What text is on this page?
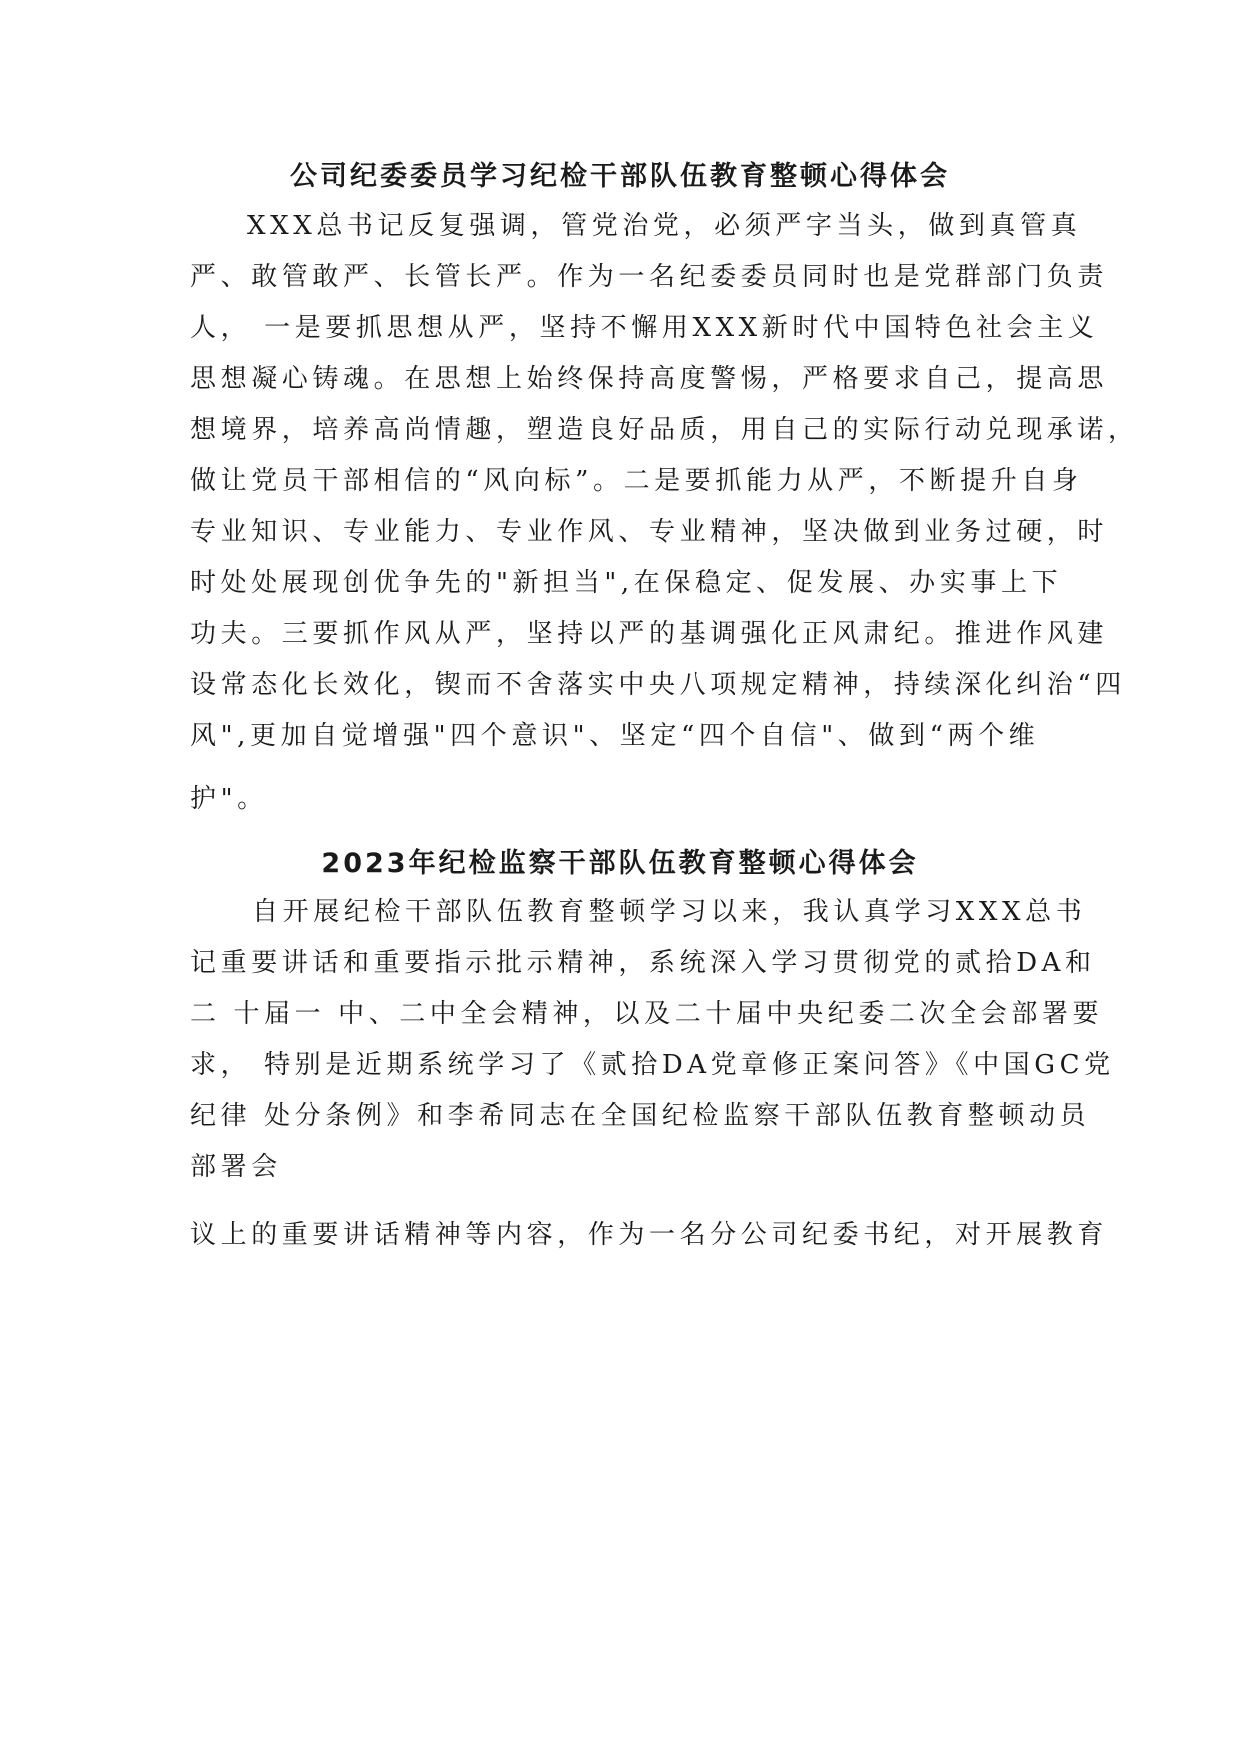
公司纪委委员学习纪检干部队伍教育整顿心得体会

XXX总书记反复强调，管党治党，必须严字当头，做到真管真

严、敢管敢严、长管长严。作为一名纪委委员同时也是党群部门负责

人， 一是要抓思想从严，坚持不懈用XXX新时代中国特色社会主义

思想凝心铸魂。在思想上始终保持高度警惕，严格要求自己，提高思

想境界，培养高尚情趣，塑造良好品质，用自己的实际行动兑现承诺，

做让党员干部相信的“风向标”。二是要抓能力从严，不断提升自身

专业知识、专业能力、专业作风、专业精神，坚决做到业务过硬，时

时处处展现创优争先的"新担当",在保稳定、促发展、办实事上下

功夫。三要抓作风从严，坚持以严的基调强化正风肃纪。推进作风建

设常态化长效化，锲而不舍落实中央八项规定精神，持续深化纠治“四

风",更加自觉增强"四个意识"、坚定“四个自信"、做到“两个维

护"。

2023年纪检监察干部队伍教育整顿心得体会

自开展纪检干部队伍教育整顿学习以来，我认真学习XXX总书

记重要讲话和重要指示批示精神，系统深入学习贯彻党的贰拾DA和

二 十届一 中、二中全会精神，以及二十届中央纪委二次全会部署要

求， 特别是近期系统学习了《贰拾DA党章修正案问答》《中国GC党

纪律 处分条例》和李希同志在全国纪检监察干部队伍教育整顿动员

部署会

议上的重要讲话精神等内容，作为一名分公司纪委书纪，对开展教育
